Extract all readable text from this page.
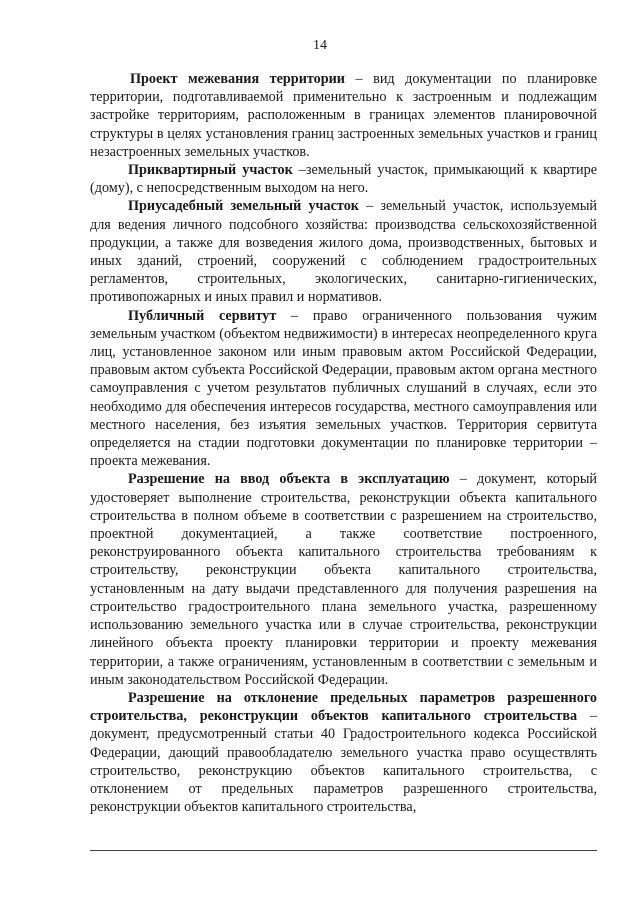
14

Проект межевания территории – вид документации по планировке территории, подготавливаемой применительно к застроенным и подлежащим застройке территориям, расположенным в границах элементов планировочной структуры в целях установления границ застроенных земельных участков и границ незастроенных земельных участков.

Приквартирный участок –земельный участок, примыкающий к квартире (дому), с непосредственным выходом на него.

Приусадебный земельный участок – земельный участок, используемый для ведения личного подсобного хозяйства: производства сельскохозяйственной продукции, а также для возведения жилого дома, производственных, бытовых и иных зданий, строений, сооружений с соблюдением градостроительных регламентов, строительных, экологических, санитарно-гигиенических, противопожарных и иных правил и нормативов.

Публичный сервитут – право ограниченного пользования чужим земельным участком (объектом недвижимости) в интересах неопределенного круга лиц, установленное законом или иным правовым актом Российской Федерации, правовым актом субъекта Российской Федерации, правовым актом органа местного самоуправления с учетом результатов публичных слушаний в случаях, если это необходимо для обеспечения интересов государства, местного самоуправления или местного населения, без изъятия земельных участков. Территория сервитута определяется на стадии подготовки документации по планировке территории – проекта межевания.

Разрешение на ввод объекта в эксплуатацию – документ, который удостоверяет выполнение строительства, реконструкции объекта капитального строительства в полном объеме в соответствии с разрешением на строительство, проектной документацией, а также соответствие построенного, реконструированного объекта капитального строительства требованиям к строительству, реконструкции объекта капитального строительства, установленным на дату выдачи представленного для получения разрешения на строительство градостроительного плана земельного участка, разрешенному использованию земельного участка или в случае строительства, реконструкции линейного объекта проекту планировки территории и проекту межевания территории, а также ограничениям, установленным в соответствии с земельным и иным законодательством Российской Федерации.

Разрешение на отклонение предельных параметров разрешенного строительства, реконструкции объектов капитального строительства – документ, предусмотренный статьи 40 Градостроительного кодекса Российской Федерации, дающий правообладателю земельного участка право осуществлять строительство, реконструкцию объектов капитального строительства, с отклонением от предельных параметров разрешенного строительства, реконструкции объектов капитального строительства,
